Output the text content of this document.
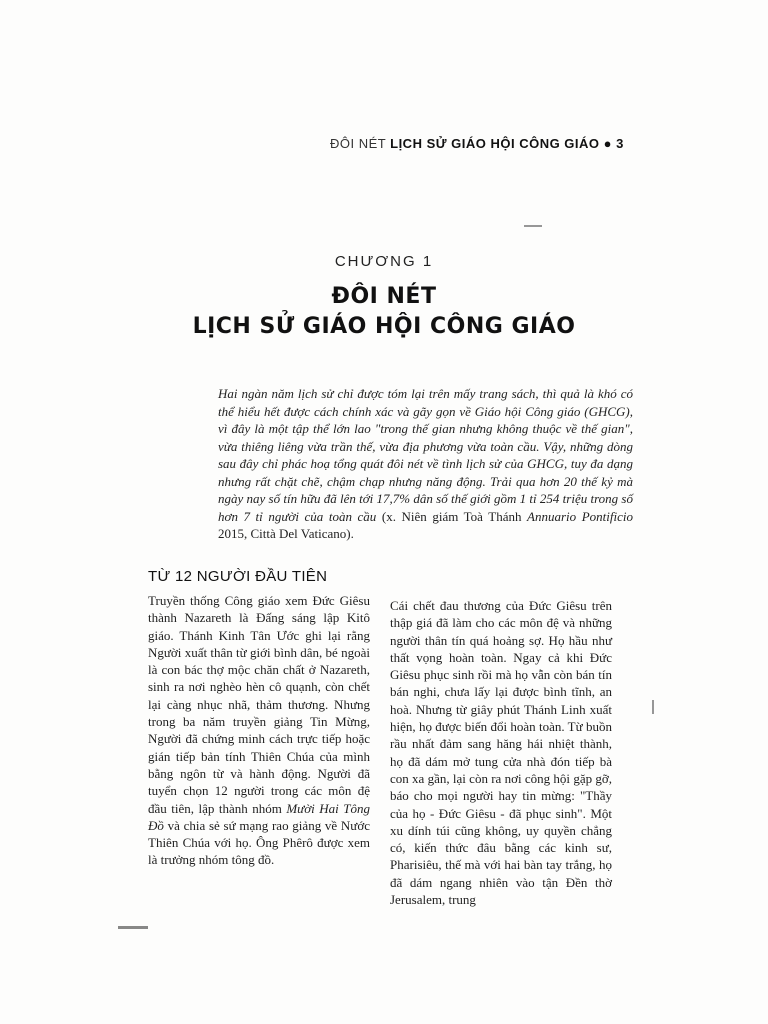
ĐÔI NÉT LỊCH SỬ GIÁO HỘI CÔNG GIÁO ● 3
CHƯƠNG 1
ĐÔI NÉT
LỊCH SỬ GIÁO HỘI CÔNG GIÁO
Hai ngàn năm lịch sử chỉ được tóm lại trên mấy trang sách, thì quả là khó có thể hiểu hết được cách chính xác và gãy gọn về Giáo hội Công giáo (GHCG), vì đây là một tập thể lớn lao "trong thế gian nhưng không thuộc về thế gian", vừa thiêng liêng vừa trần thế, vừa địa phương vừa toàn cầu. Vậy, những dòng sau đây chỉ phác hoạ tổng quát đôi nét về tình lịch sử của GHCG, tuy đa dạng nhưng rất chặt chẽ, chậm chạp nhưng năng động. Trải qua hơn 20 thế kỷ mà ngày nay số tín hữu đã lên tới 17,7% dân số thế giới gồm 1 tỉ 254 triệu trong số hơn 7 tỉ người của toàn cầu (x. Niên giám Toà Thánh Annuario Pontificio 2015, Città Del Vaticano).
TỪ 12 NGƯỜI ĐẦU TIÊN

Truyền thống Công giáo xem Đức Giêsu thành Nazareth là Đấng sáng lập Kitô giáo. Thánh Kinh Tân Ước ghi lại rằng Người xuất thân từ giới bình dân, bé ngoài là con bác thợ mộc chăn chất ở Nazareth, sinh ra nơi nghèo hèn cô quạnh, còn chết lại càng nhục nhã, thảm thương. Nhưng trong ba năm truyền giảng Tin Mừng, Người đã chứng minh cách trực tiếp hoặc gián tiếp bản tính Thiên Chúa của mình bằng ngôn từ và hành động. Người đã tuyển chọn 12 người trong các môn đệ đầu tiên, lập thành nhóm Mười Hai Tông Đồ và chia sẻ sứ mạng rao giảng về Nước Thiên Chúa với họ. Ông Phêrô được xem là trưởng nhóm tông đồ.

Cái chết đau thương của Đức Giêsu trên thập giá đã làm cho các môn đệ và những người thân tín quá hoảng sợ. Họ hầu như thất vọng hoàn toàn. Ngay cả khi Đức Giêsu phục sinh rồi mà họ vẫn còn bán tín bán nghi, chưa lấy lại được bình tĩnh, an hoà. Nhưng từ giây phút Thánh Linh xuất hiện, họ được biến đổi hoàn toàn. Từ buồn rầu nhất đảm sang hăng hái nhiệt thành, họ đã dám mở tung cửa nhà đón tiếp bà con xa gần, lại còn ra nơi công hội gặp gỡ, báo cho mọi người hay tin mừng: "Thầy của họ - Đức Giêsu - đã phục sinh". Một xu dính túi cũng không, uy quyền chẳng có, kiến thức đâu bằng các kinh sư, Pharisiêu, thế mà với hai bàn tay trắng, họ đã dám ngang nhiên vào tận Đền thờ Jerusalem, trung
